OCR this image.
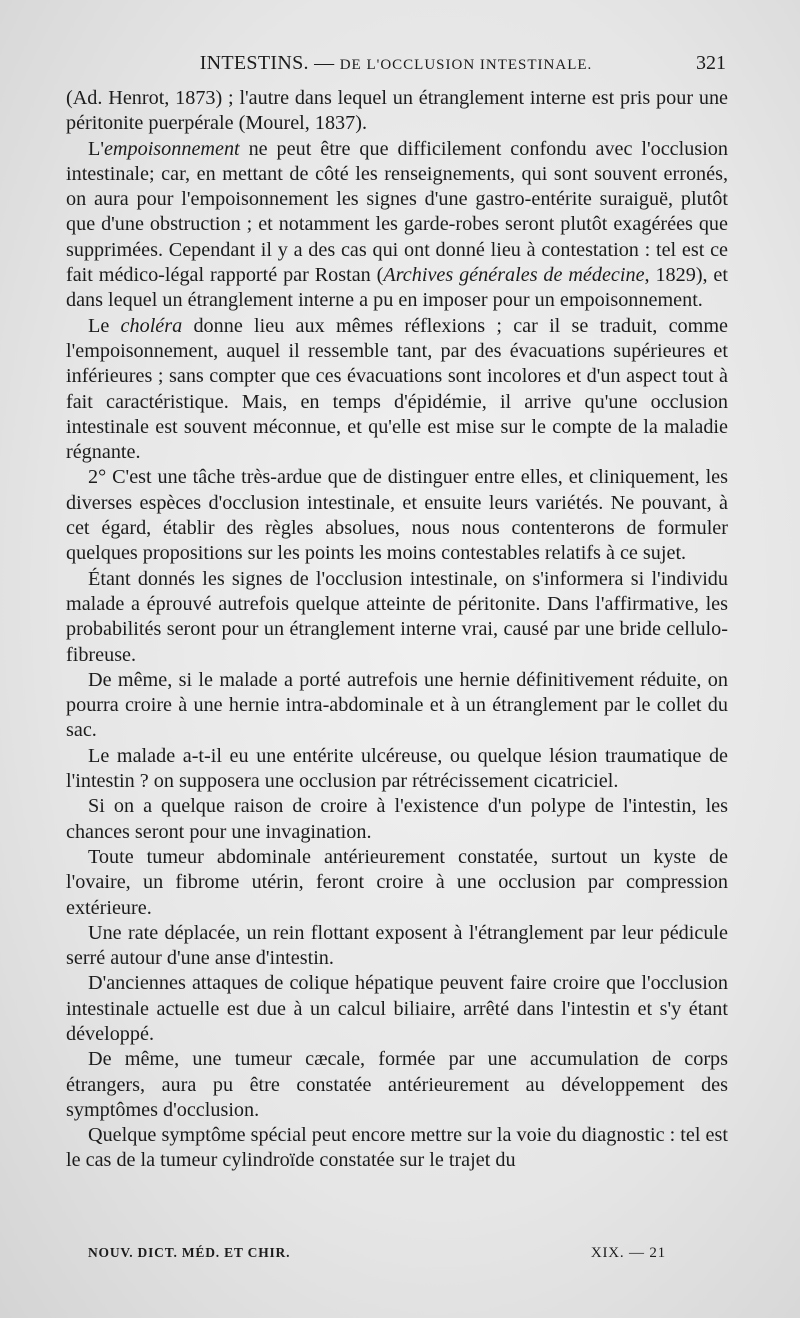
INTESTINS. — DE L'OCCLUSION INTESTINALE.	321

(Ad. Henrot, 1873) ; l'autre dans lequel un étranglement interne est pris pour une péritonite puerpérale (Mourel, 1837).

L'empoisonnement ne peut être que difficilement confondu avec l'occlusion intestinale; car, en mettant de côté les renseignements, qui sont souvent erronés, on aura pour l'empoisonnement les signes d'une gastro-entérite suraiguë, plutôt que d'une obstruction ; et notamment les garde-robes seront plutôt exagérées que supprimées. Cependant il y a des cas qui ont donné lieu à contestation : tel est ce fait médico-légal rapporté par Rostan (Archives générales de médecine, 1829), et dans lequel un étranglement interne a pu en imposer pour un empoisonnement.

Le choléra donne lieu aux mêmes réflexions ; car il se traduit, comme l'empoisonnement, auquel il ressemble tant, par des évacuations supérieures et inférieures ; sans compter que ces évacuations sont incolores et d'un aspect tout à fait caractéristique. Mais, en temps d'épidémie, il arrive qu'une occlusion intestinale est souvent méconnue, et qu'elle est mise sur le compte de la maladie régnante.

2° C'est une tâche très-ardue que de distinguer entre elles, et cliniquement, les diverses espèces d'occlusion intestinale, et ensuite leurs variétés. Ne pouvant, à cet égard, établir des règles absolues, nous nous contenterons de formuler quelques propositions sur les points les moins contestables relatifs à ce sujet.

Étant donnés les signes de l'occlusion intestinale, on s'informera si l'individu malade a éprouvé autrefois quelque atteinte de péritonite. Dans l'affirmative, les probabilités seront pour un étranglement interne vrai, causé par une bride cellulo-fibreuse.

De même, si le malade a porté autrefois une hernie définitivement réduite, on pourra croire à une hernie intra-abdominale et à un étranglement par le collet du sac.

Le malade a-t-il eu une entérite ulcéreuse, ou quelque lésion traumatique de l'intestin ? on supposera une occlusion par rétrécissement cicatriciel.

Si on a quelque raison de croire à l'existence d'un polype de l'intestin, les chances seront pour une invagination.

Toute tumeur abdominale antérieurement constatée, surtout un kyste de l'ovaire, un fibrome utérin, feront croire à une occlusion par compression extérieure.

Une rate déplacée, un rein flottant exposent à l'étranglement par leur pédicule serré autour d'une anse d'intestin.

D'anciennes attaques de colique hépatique peuvent faire croire que l'occlusion intestinale actuelle est due à un calcul biliaire, arrêté dans l'intestin et s'y étant développé.

De même, une tumeur cæcale, formée par une accumulation de corps étrangers, aura pu être constatée antérieurement au développement des symptômes d'occlusion.

Quelque symptôme spécial peut encore mettre sur la voie du diagnostic : tel est le cas de la tumeur cylindroïde constatée sur le trajet du

NOUV. DICT. MÉD. ET CHIR.	XIX. — 21
